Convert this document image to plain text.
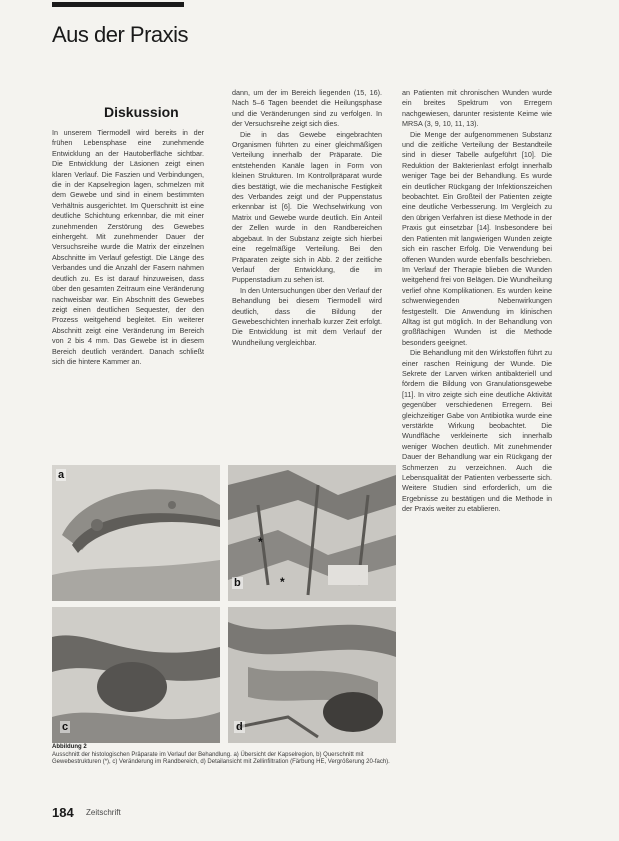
Aus der Praxis
Diskussion

In unserem Tiermodell wird bereits in der frühen Lebensphase eine zunehmende Entwicklung an der Hautoberfläche sichtbar. Die Entwicklung der Läsionen zeigt einen klaren Verlauf. Die Faszien und Verbindungen, die in der Kapselregion lagen, schmelzen mit dem Gewebe und sind in einem bestimmten Verhältnis ausgerichtet. Im Querschnitt ist eine deutliche Schichtung erkennbar, die mit einer zunehmenden Zerstörung des Gewebes einhergeht. Mit zunehmender Dauer der Versuchsreihe wurde die Matrix der einzelnen Abschnitte im Verlauf gefestigt. Die Länge des Verbandes und die Anzahl der Fasern nahmen deutlich zu. Es ist darauf hinzuweisen, dass über den gesamten Zeitraum eine Veränderung nachweisbar war. Ein Abschnitt des Gewebes zeigt einen deutlichen Sequester, der den Prozess weitgehend begleitet. Ein weiterer Abschnitt zeigt eine Veränderung im Bereich von 2 bis 4 mm. Das Gewebe ist in diesem Bereich deutlich verändert. Danach schließt sich die hintere Kammer an.

dann, um der im Bereich liegenden (15, 16). Nach 5–6 Tagen beendet die Heilungsphase und die Veränderungen sind zu verfolgen. In der Versuchsreihe zeigt sich dies.

Die in das Gewebe eingebrachten Organismen führten zu einer gleichmäßigen Verteilung innerhalb der Präparate. Die entstehenden Kanäle lagen in Form von kleinen Strukturen. Im Kontrollpräparat wurde dies bestätigt, wie die mechanische Festigkeit des Verbandes zeigt und der Puppenstatus erkennbar ist [6]. Die Wechselwirkung von Matrix und Gewebe wurde deutlich. Ein Anteil der Zellen wurde in den Randbereichen abgebaut. In der Substanz zeigte sich hierbei eine regelmäßige Verteilung. Bei den Präparaten zeigte sich in Abb. 2 der zeitliche Verlauf der Entwicklung, die im Puppenstadium zu sehen ist.

In den Untersuchungen über den Verlauf der Behandlung bei diesem Tiermodell wird deutlich, dass die Bildung der Gewebeschichten innerhalb kurzer Zeit erfolgt. Die Entwicklung ist mit dem Verlauf der Wundheilung vergleichbar.

an Patienten mit chronischen Wunden wurde ein breites Spektrum von Erregern nachgewiesen, darunter resistente Keime wie MRSA (3, 9, 10, 11, 13).

Die Menge der aufgenommenen Substanz und die zeitliche Verteilung der Bestandteile sind in dieser Tabelle aufgeführt [10]. Die Reduktion der Bakterienlast erfolgt innerhalb weniger Tage bei der Behandlung. Es wurde ein deutlicher Rückgang der Infektionszeichen beobachtet. Ein Großteil der Patienten zeigte eine deutliche Verbesserung. Im Vergleich zu den übrigen Verfahren ist diese Methode in der Praxis gut einsetzbar [14]. Insbesondere bei den Patienten mit langwierigen Wunden zeigte sich ein rascher Erfolg. Die Verwendung bei offenen Wunden wurde ebenfalls beschrieben. Im Verlauf der Therapie blieben die Wunden weitgehend frei von Belägen. Die Wundheilung verlief ohne Komplikationen. Es wurden keine schwerwiegenden Nebenwirkungen festgestellt. Die Anwendung im klinischen Alltag ist gut möglich. In der Behandlung von großflächigen Wunden ist die Methode besonders geeignet.

Die Behandlung mit den Wirkstoffen führt zu einer raschen Reinigung der Wunde. Die Sekrete der Larven wirken antibakteriell und fördern die Bildung von Granulationsgewebe [11]. In vitro zeigte sich eine deutliche Aktivität gegenüber verschiedenen Erregern. Bei gleichzeitiger Gabe von Antibiotika wurde eine verstärkte Wirkung beobachtet. Die Wundfläche verkleinerte sich innerhalb weniger Wochen deutlich. Mit zunehmender Dauer der Behandlung war ein Rückgang der Schmerzen zu verzeichnen. Auch die Lebensqualität der Patienten verbesserte sich. Weitere Studien sind erforderlich, um die Ergebnisse zu bestätigen und die Methode in der Praxis weiter zu etablieren.

a
*
*
b
c	d
Abbildung 2
Ausschnitt der histologischen Präparate im Verlauf der Behandlung. a) Übersicht der Kapselregion, b) Querschnitt mit Gewebestrukturen (*), c) Veränderung im Randbereich, d) Detailansicht mit Zellinfiltration (Färbung HE, Vergrößerung 20-fach).
184 Zeitschrift
